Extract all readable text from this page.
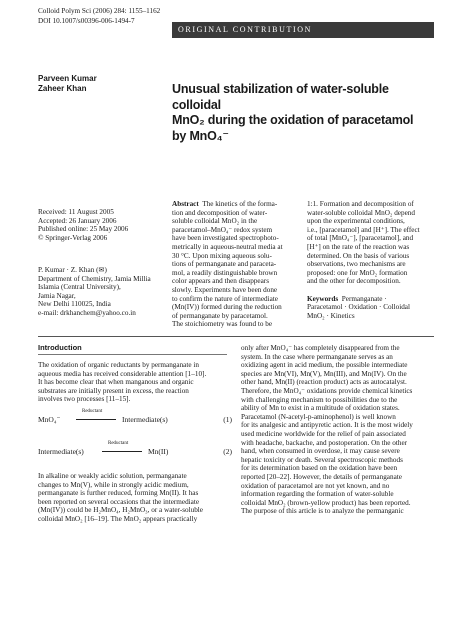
Colloid Polym Sci (2006) 284: 1155–1162
DOI 10.1007/s00396-006-1494-7
ORIGINAL CONTRIBUTION
Parveen Kumar
Zaheer Khan	Unusual stabilization of water-soluble colloidal
MnO₂ during the oxidation of paracetamol
by MnO₄⁻
Received: 11 August 2005
Accepted: 26 January 2006
Published online: 25 May 2006
© Springer-Verlag 2006
P. Kumar · Z. Khan (✉)
Department of Chemistry, Jamia Millia
Islamia (Central University),
Jamia Nagar,
New Delhi 110025, India
e-mail: drkhanchem@yahoo.co.in
Abstract The kinetics of the forma-
tion and decomposition of water-
soluble colloidal MnO₂ in the
paracetamol–MnO₄⁻ redox system
have been investigated spectrophoto-
metrically in aqueous-neutral media at
30 °C. Upon mixing aqueous solu-
tions of permanganate and paraceta-
mol, a readily distinguishable brown
color appears and then disappears
slowly. Experiments have been done
to confirm the nature of intermediate
(Mn(IV)) formed during the reduction
of permanganate by paracetamol.
The stoichiometry was found to be
1:1. Formation and decomposition of
water-soluble colloidal MnO₂ depend
upon the experimental conditions,
i.e., [paracetamol] and [H⁺]. The effect
of total [MnO₄⁻], [paracetamol], and
[H⁺] on the rate of the reaction was
determined. On the basis of various
observations, two mechanisms are
proposed: one for MnO₂ formation
and the other for decomposition.
Keywords Permanganate ·
Paracetamol · Oxidation · Colloidal
MnO₂ · Kinetics
Introduction
The oxidation of organic reductants by permanganate in
aqueous media has received considerable attention [1–10].
It has become clear that when manganous and organic
substrates are initially present in excess, the reaction
involves two processes [11–15].
MnO₄⁻
Reductant
Intermediate(s)	(1)
Intermediate(s)
Reductant
Mn(II)	(2)
In alkaline or weakly acidic solution, permanganate
changes to Mn(V), while in strongly acidic medium,
permanganate is further reduced, forming Mn(II). It has
been reported on several occasions that the intermediate
(Mn(IV)) could be H₂MnO₄, H₂MnO₃, or a water-soluble
colloidal MnO₂ [16–19]. The MnO₂ appears practically
only after MnO₄⁻ has completely disappeared from the
system. In the case where permanganate serves as an
oxidizing agent in acid medium, the possible intermediate
species are Mn(VI), Mn(V), Mn(III), and Mn(IV). On the
other hand, Mn(II) (reaction product) acts as autocatalyst.
Therefore, the MnO₄⁻ oxidations provide chemical kinetics
with challenging mechanism to possibilities due to the
ability of Mn to exist in a multitude of oxidation states.
Paracetamol (N-acetyl-p-aminophenol) is well known
for its analgesic and antipyretic action. It is the most widely
used medicine worldwide for the relief of pain associated
with headache, backache, and postoperation. On the other
hand, when consumed in overdose, it may cause severe
hepatic toxicity or death. Several spectroscopic methods
for its determination based on the oxidation have been
reported [20–22]. However, the details of permanganate
oxidation of paracetamol are not yet known, and no
information regarding the formation of water-soluble
colloidal MnO₂ (brown-yellow product) has been reported.
The purpose of this article is to analyze the permanganic
